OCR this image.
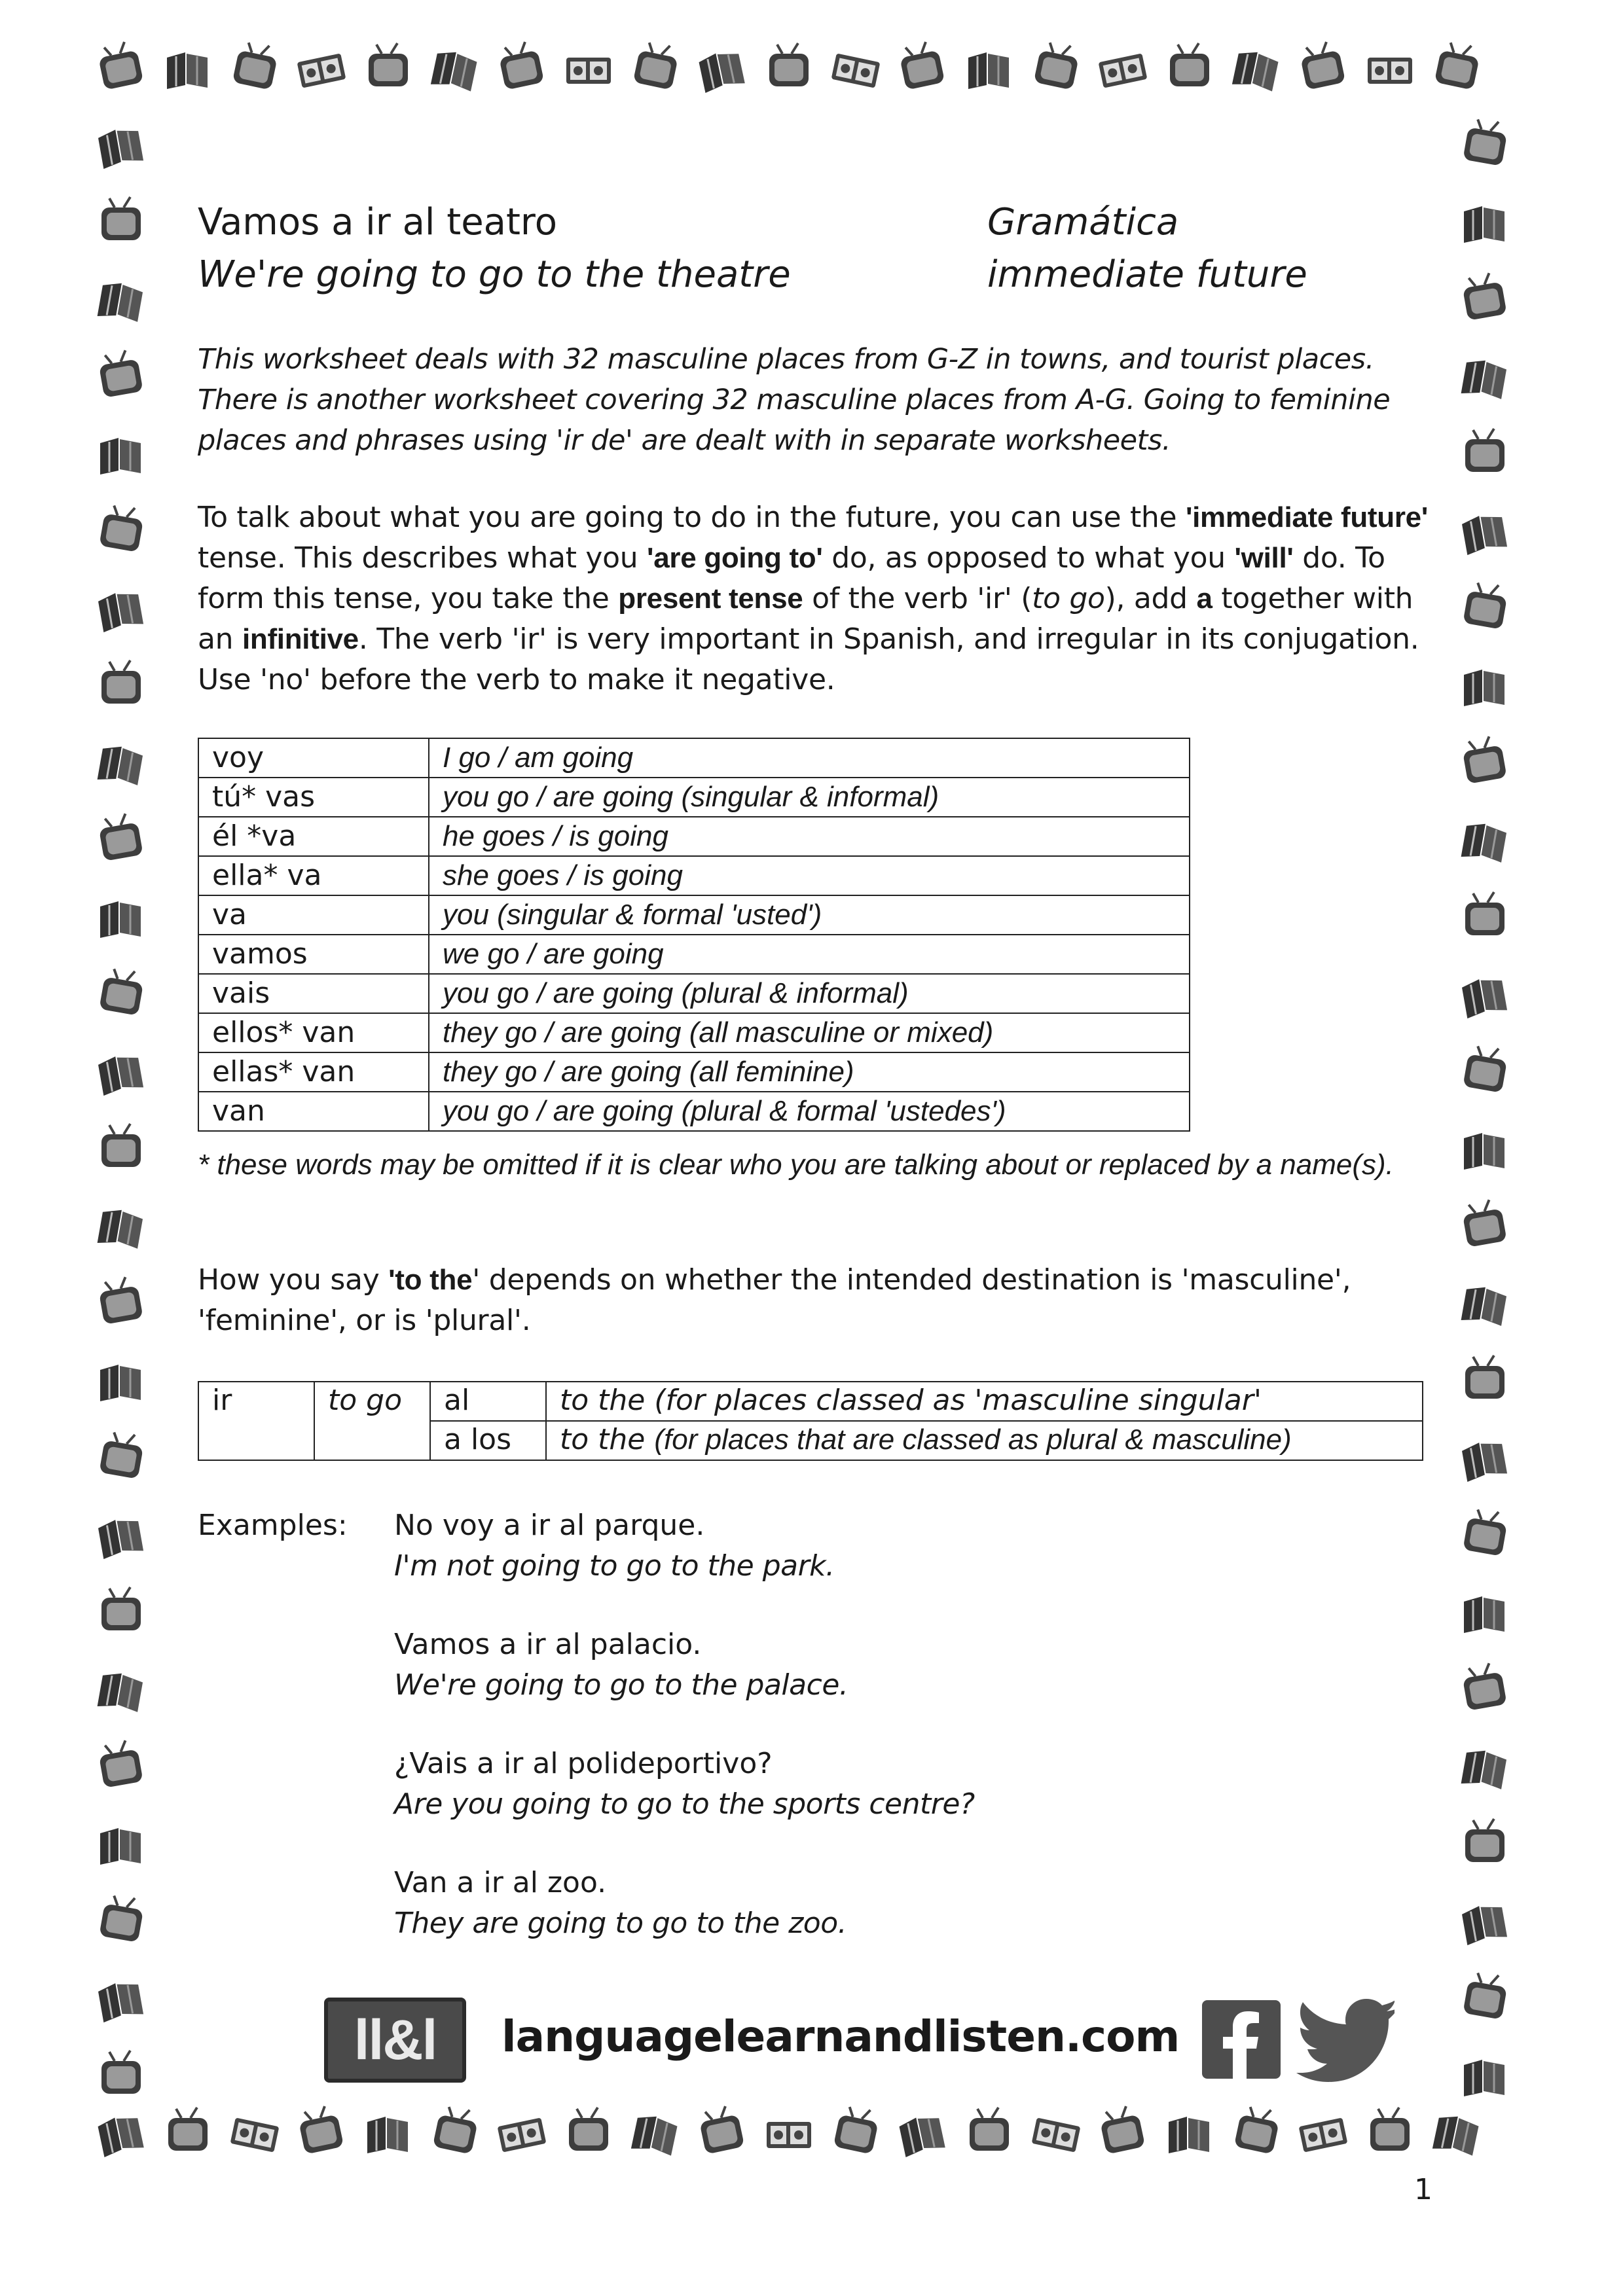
Vamos a ir al teatro
We're going to go to the theatre
Gramática
immediate future
This worksheet deals with 32 masculine places from G-Z in towns, and tourist places. There is another worksheet covering 32 masculine places from A-G. Going to feminine places and phrases using 'ir de' are dealt with in separate worksheets.
To talk about what you are going to do in the future, you can use the 'immediate future' tense. This describes what you 'are going to' do, as opposed to what you 'will' do. To form this tense, you take the present tense of the verb 'ir' (to go), add a together with an infinitive. The verb 'ir' is very important in Spanish, and irregular in its conjugation. Use 'no' before the verb to make it negative.
voy	I go / am going
tú* vas	you go / are going (singular & informal)
él *va	he goes / is going
ella* va	she goes / is going
va	you (singular & formal 'usted')
vamos	we go / are going
vais	you go / are going (plural & informal)
ellos* van	they go / are going (all masculine or mixed)
ellas* van	they go / are going (all feminine)
van	you go / are going (plural & formal 'ustedes')
* these words may be omitted if it is clear who you are talking about or replaced by a name(s).
How you say 'to the' depends on whether the intended destination is 'masculine', 'feminine', or is 'plural'.
ir	to go	al	to the (for places classed as 'masculine singular'
		a los	to the (for places that are classed as plural & masculine)
Examples: No voy a ir al parque.
I'm not going to go to the park.
Vamos a ir al palacio.
We're going to go to the palace.
¿Vais a ir al polideportivo?
Are you going to go to the sports centre?
Van a ir al zoo.
They are going to go to the zoo.
ll&l	languagelearnandlisten.com
1
